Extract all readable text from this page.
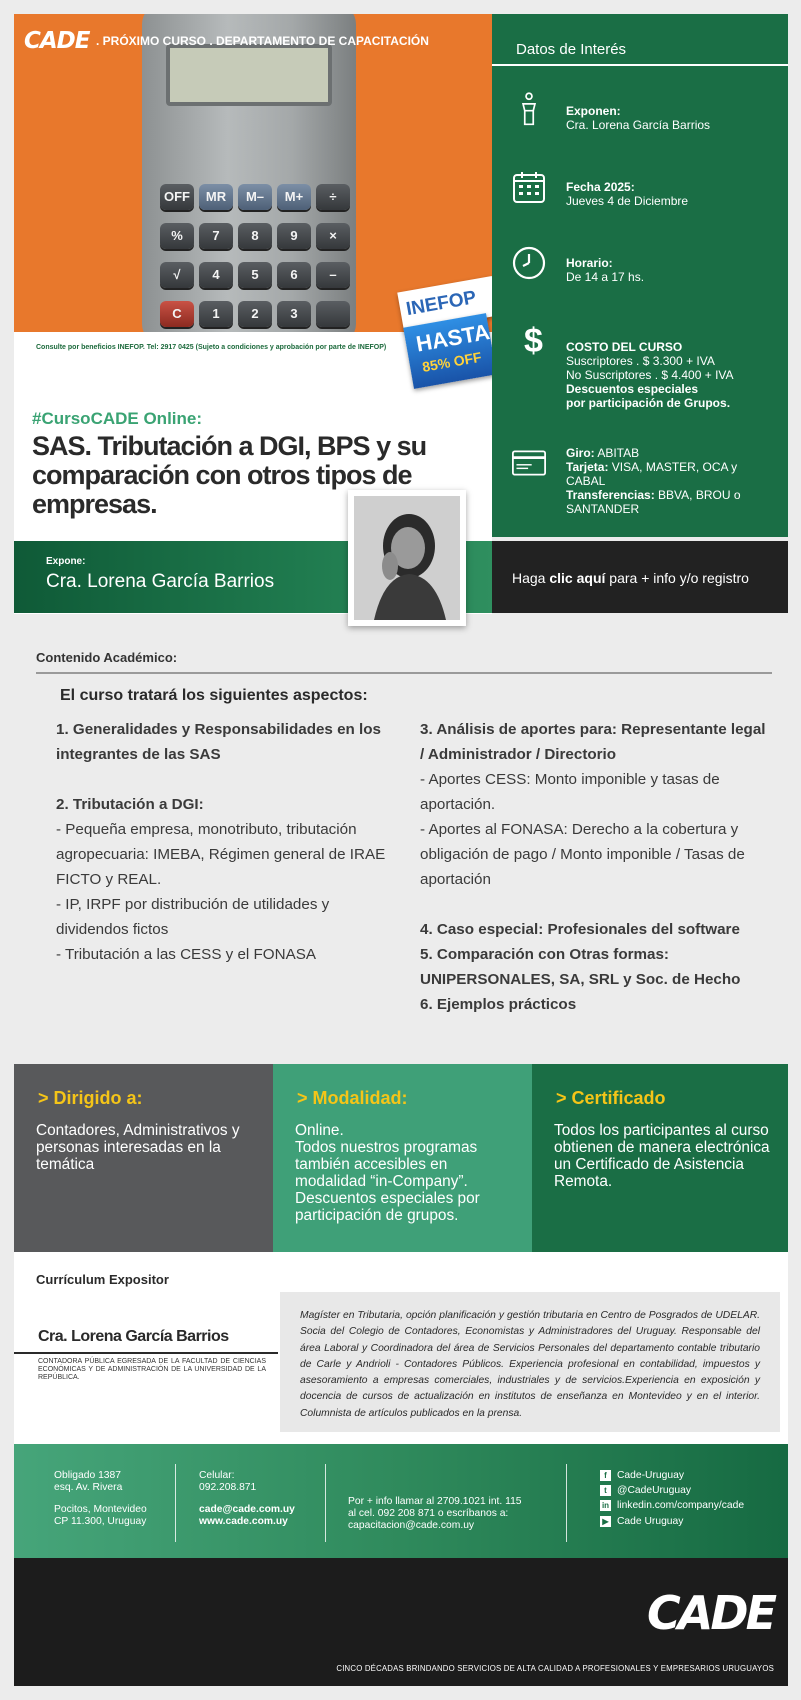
OFF	MR	M–	M+	÷
%	7	8	9	×
√	4	5	6	–
C	1	2	3
CADE . PRÓXIMO CURSO . DEPARTAMENTO DE CAPACITACIÓN
Consulte por beneficios INEFOP. Tel: 2917 0425 (Sujeto a condiciones y aprobación por parte de INEFOP)
#CursoCADE Online:
SAS. Tributación a DGI, BPS y su comparación con otros tipos de empresas.
Expone:
Cra. Lorena García Barrios
INEFOP
HASTA
85% OFF
Datos de Interés
Exponen:
Cra. Lorena García Barrios
Fecha 2025:
Jueves 4 de Diciembre
Horario:
De 14 a 17 hs.
$	COSTO DEL CURSO
Suscriptores . $ 3.300 + IVA
No Suscriptores . $ 4.400 + IVA
Descuentos especiales
por participación de Grupos.
Giro: ABITAB
Tarjeta: VISA, MASTER, OCA y CABAL
Transferencias: BBVA, BROU o SANTANDER
Haga clic aquí para + info y/o registro
Contenido Académico:
El curso tratará los siguientes aspectos:
1. Generalidades y Responsabilidades en los integrantes de las SAS
2. Tributación a DGI:
- Pequeña empresa, monotributo, tributación agropecuaria: IMEBA, Régimen general de IRAE FICTO y REAL.
- IP, IRPF por distribución de utilidades y dividendos fictos
- Tributación a las CESS y el FONASA
3. Análisis de aportes para: Representante legal / Administrador / Directorio
- Aportes CESS: Monto imponible y tasas de aportación.
- Aportes al FONASA: Derecho a la cobertura y obligación de pago / Monto imponible / Tasas de aportación
4. Caso especial: Profesionales del software
5. Comparación con Otras formas: UNIPERSONALES, SA, SRL y Soc. de Hecho
6. Ejemplos prácticos
> Dirigido a:
Contadores, Administrativos y personas interesadas en la temática
> Modalidad:
Online.
Todos nuestros programas también accesibles en modalidad “in-Company”. Descuentos especiales por participación de grupos.
> Certificado
Todos los participantes al curso obtienen de manera electrónica un Certificado de Asistencia Remota.
Currículum Expositor
Cra. Lorena García Barrios
CONTADORA PÚBLICA EGRESADA DE LA FACULTAD DE CIENCIAS ECONÓMICAS Y DE ADMINISTRACIÓN DE LA UNIVERSIDAD DE LA REPÚBLICA.
Magíster en Tributaria, opción planificación y gestión tributaria en Centro de Posgrados de UDELAR. Socia del Colegio de Contadores, Economistas y Administradores del Uruguay. Responsable del área Laboral y Coordinadora del área de Servicios Personales del departamento contable tributario de Carle y Andrioli - Contadores Públicos. Experiencia profesional en contabilidad, impuestos y asesoramiento a empresas comerciales, industriales y de servicios.Experiencia en exposición y docencia de cursos de actualización en institutos de enseñanza en Montevideo y en el interior. Columnista de artículos publicados en la prensa.
Obligado 1387
esq. Av. Rivera
Pocitos, Montevideo
CP 11.300, Uruguay
Celular:
092.208.871
cade@cade.com.uy
www.cade.com.uy
Por + info llamar al 2709.1021 int. 115
al cel. 092 208 871 o escríbanos a:
capacitacion@cade.com.uy
f Cade-Uruguay
t @CadeUruguay
in linkedin.com/company/cade
▶ Cade Uruguay
CADE
CINCO DÉCADAS BRINDANDO SERVICIOS DE ALTA CALIDAD A PROFESIONALES Y EMPRESARIOS URUGUAYOS
